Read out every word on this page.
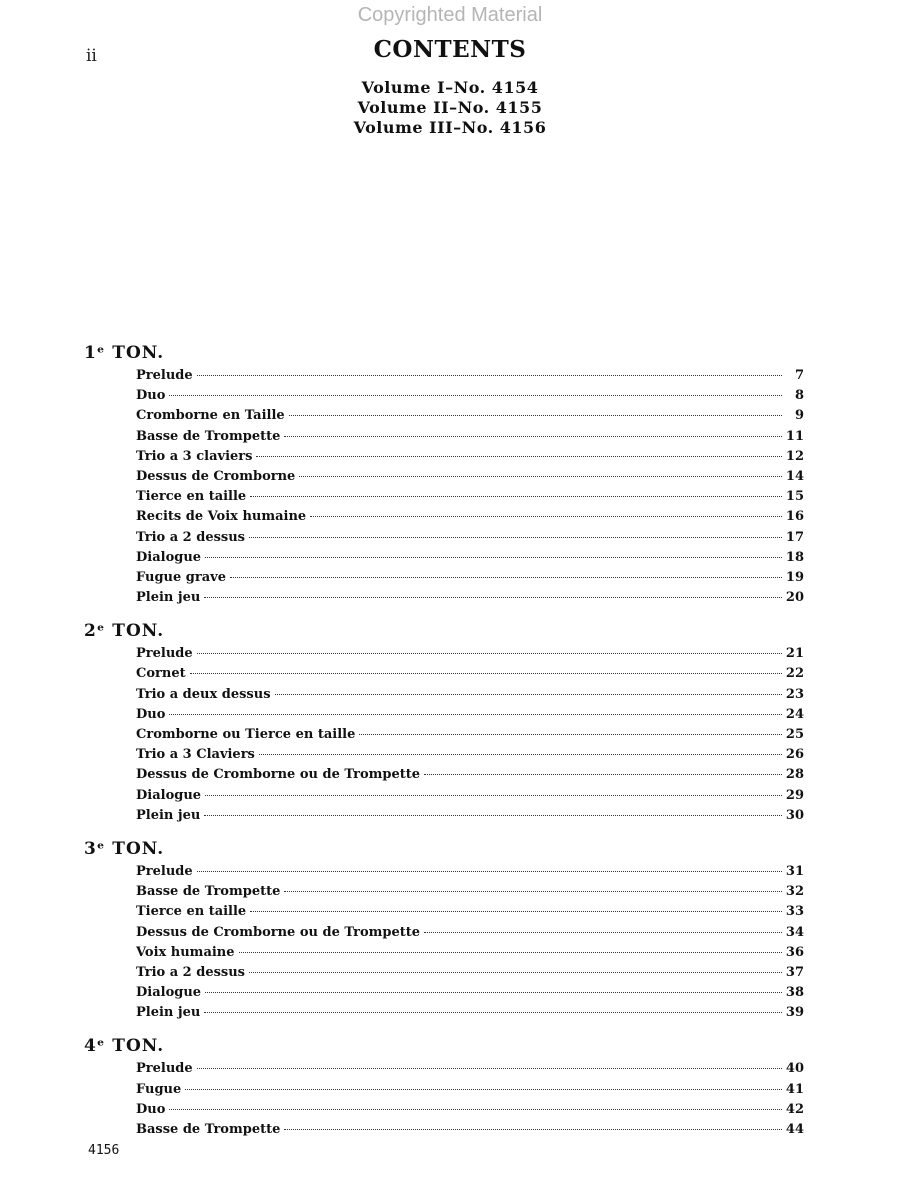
Copyrighted Material
ii	CONTENTS
Volume I–No. 4154
Volume II–No. 4155
Volume III–No. 4156
1ᵉ TON.
Prelude	7
Duo	8
Cromborne en Taille	9
Basse de Trompette	11
Trio a 3 claviers	12
Dessus de Cromborne	14
Tierce en taille	15
Recits de Voix humaine	16
Trio a 2 dessus	17
Dialogue	18
Fugue grave	19
Plein jeu	20
2ᵉ TON.
Prelude	21
Cornet	22
Trio a deux dessus	23
Duo	24
Cromborne ou Tierce en taille	25
Trio a 3 Claviers	26
Dessus de Cromborne ou de Trompette	28
Dialogue	29
Plein jeu	30
3ᵉ TON.
Prelude	31
Basse de Trompette	32
Tierce en taille	33
Dessus de Cromborne ou de Trompette	34
Voix humaine	36
Trio a 2 dessus	37
Dialogue	38
Plein jeu	39
4ᵉ TON.
Prelude	40
Fugue	41
Duo	42
Basse de Trompette	44
4156
